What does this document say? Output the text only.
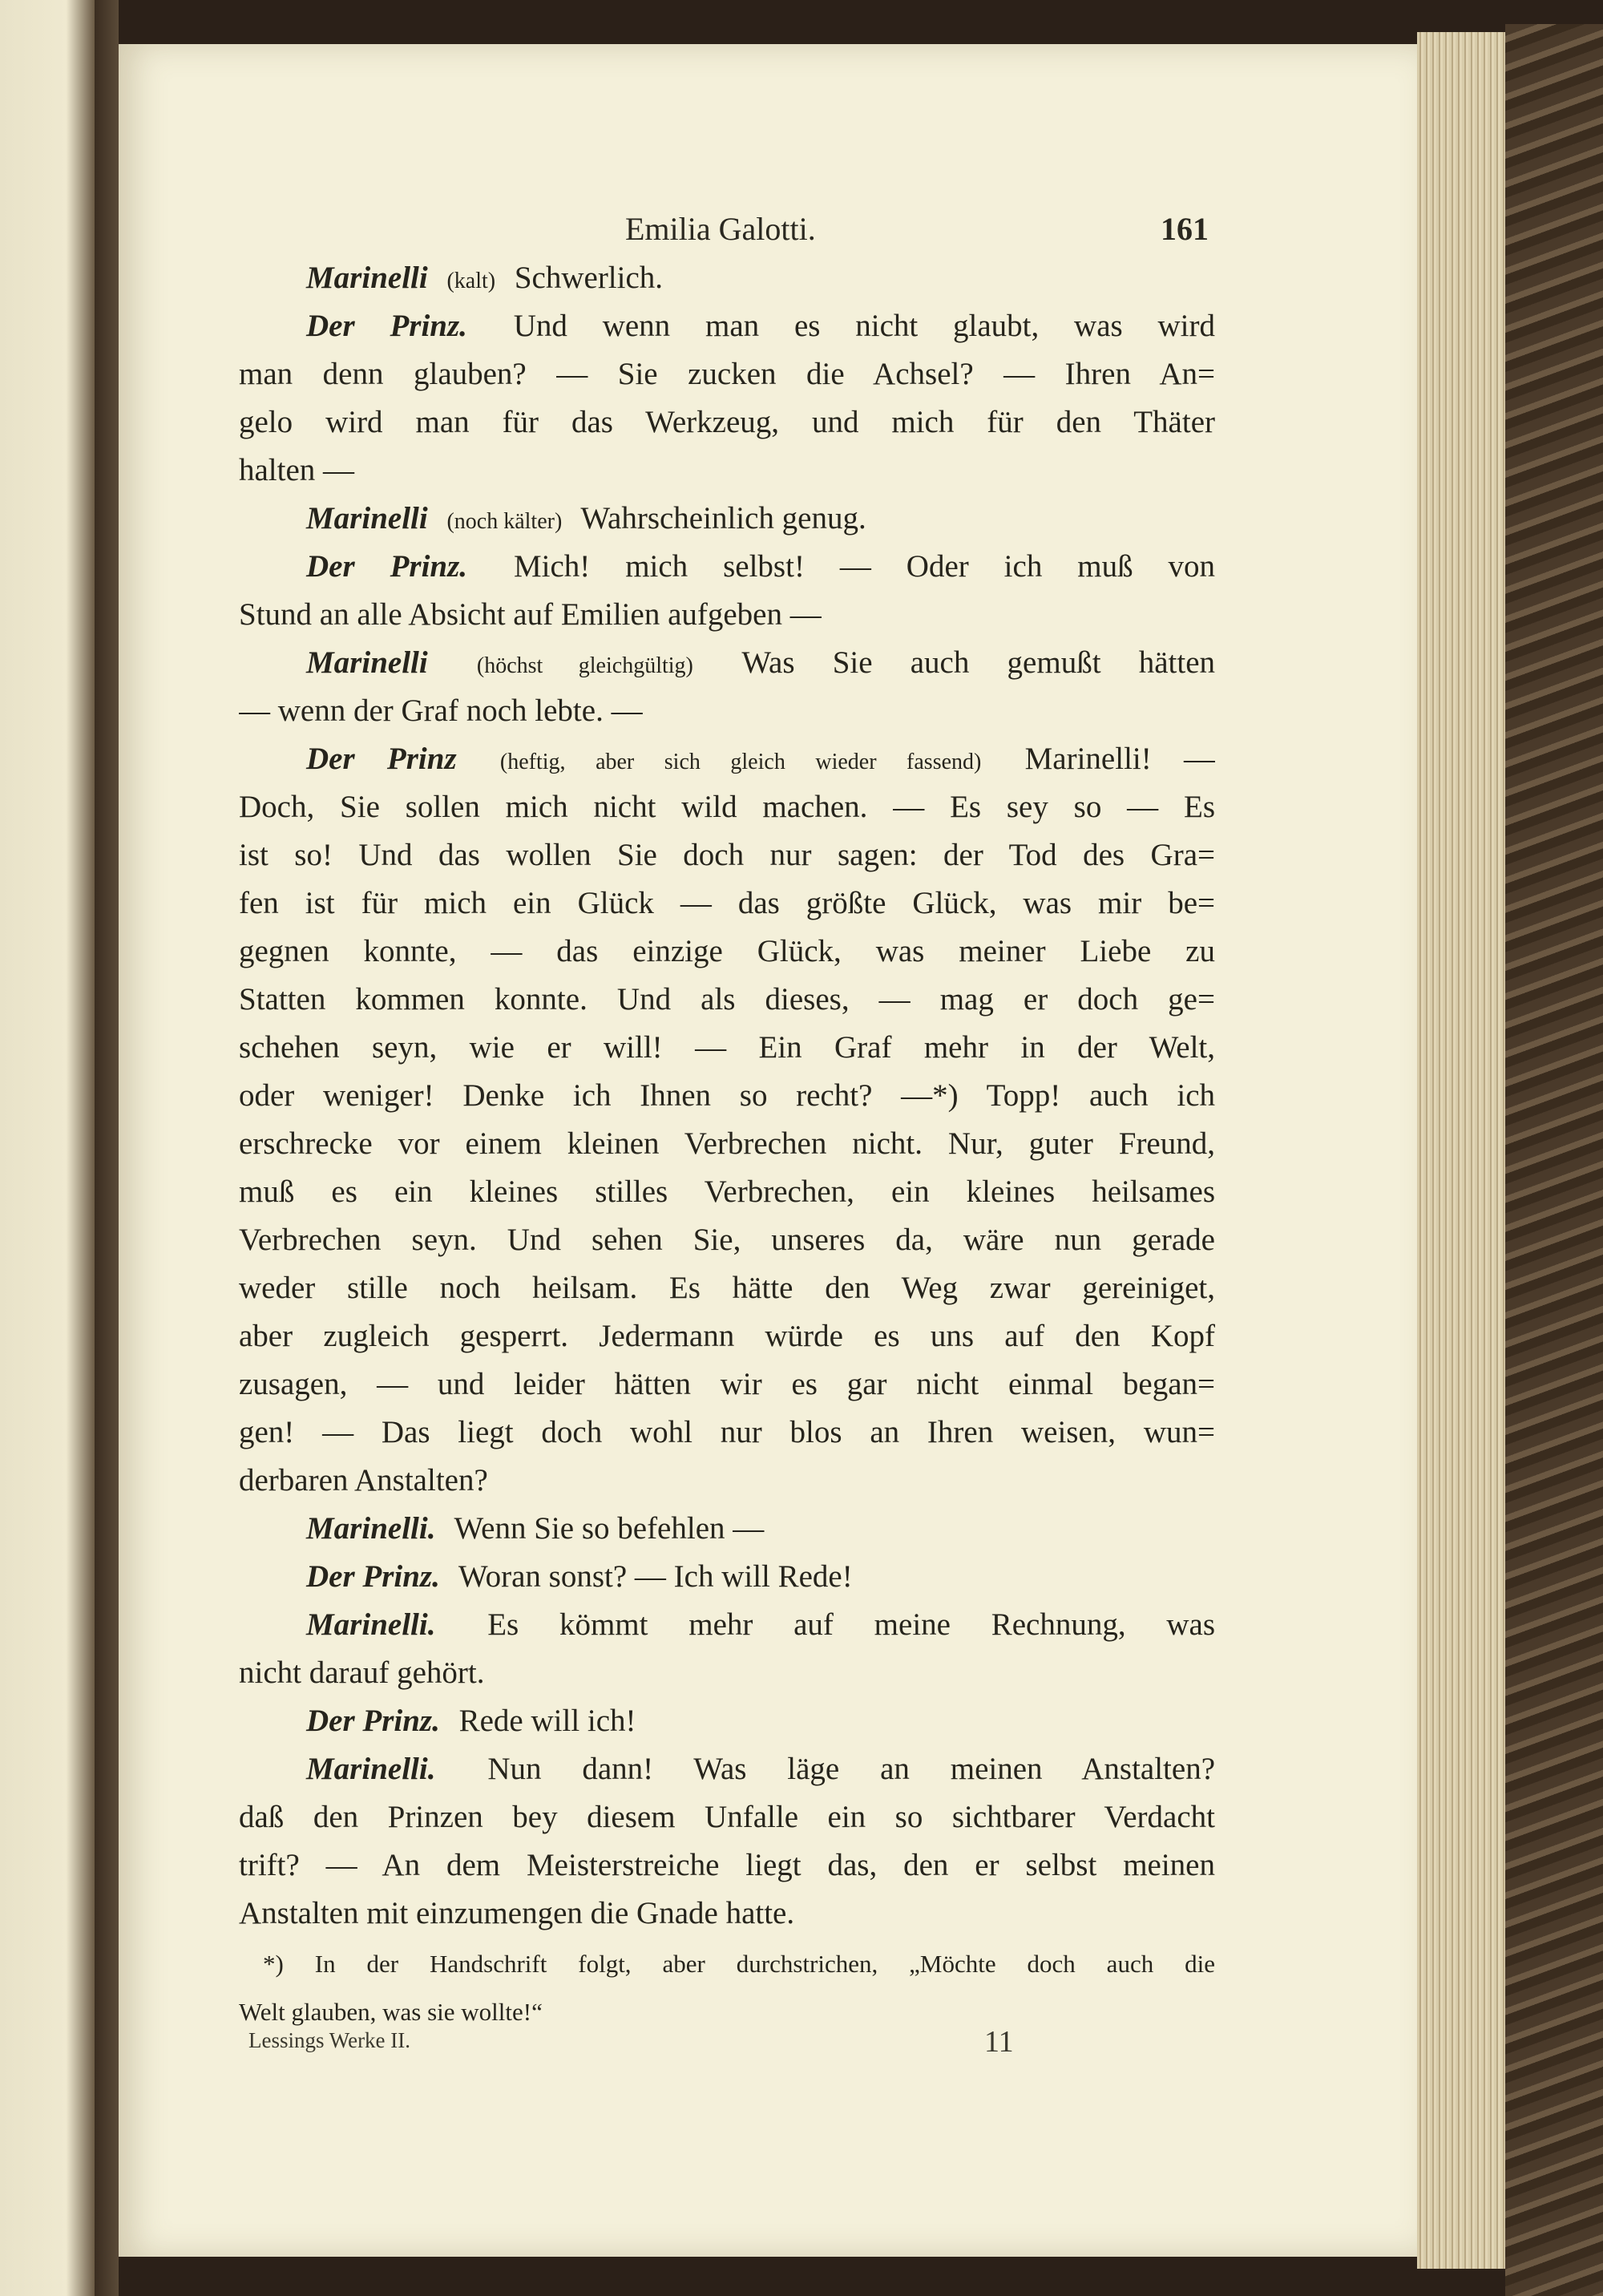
Emilia Galotti.	161
Marinelli (kalt) Schwerlich.
Der Prinz. Und wenn man es nicht glaubt, was wird
man denn glauben? — Sie zucken die Achsel? — Ihren An=
gelo wird man für das Werkzeug, und mich für den Thäter
halten —
Marinelli (noch kälter) Wahrscheinlich genug.
Der Prinz. Mich! mich selbst! — Oder ich muß von
Stund an alle Absicht auf Emilien aufgeben —
Marinelli (höchst gleichgültig) Was Sie auch gemußt hätten
— wenn der Graf noch lebte. —
Der Prinz (heftig, aber sich gleich wieder fassend) Marinelli! —
Doch, Sie sollen mich nicht wild machen. — Es sey so — Es
ist so! Und das wollen Sie doch nur sagen: der Tod des Gra=
fen ist für mich ein Glück — das größte Glück, was mir be=
gegnen konnte, — das einzige Glück, was meiner Liebe zu
Statten kommen konnte. Und als dieses, — mag er doch ge=
schehen seyn, wie er will! — Ein Graf mehr in der Welt,
oder weniger! Denke ich Ihnen so recht? —*) Topp! auch ich
erschrecke vor einem kleinen Verbrechen nicht. Nur, guter Freund,
muß es ein kleines stilles Verbrechen, ein kleines heilsames
Verbrechen seyn. Und sehen Sie, unseres da, wäre nun gerade
weder stille noch heilsam. Es hätte den Weg zwar gereiniget,
aber zugleich gesperrt. Jedermann würde es uns auf den Kopf
zusagen, — und leider hätten wir es gar nicht einmal began=
gen! — Das liegt doch wohl nur blos an Ihren weisen, wun=
derbaren Anstalten?
Marinelli. Wenn Sie so befehlen —
Der Prinz. Woran sonst? — Ich will Rede!
Marinelli. Es kömmt mehr auf meine Rechnung, was
nicht darauf gehört.
Der Prinz. Rede will ich!
Marinelli. Nun dann! Was läge an meinen Anstalten?
daß den Prinzen bey diesem Unfalle ein so sichtbarer Verdacht
trift? — An dem Meisterstreiche liegt das, den er selbst meinen
Anstalten mit einzumengen die Gnade hatte.
*) In der Handschrift folgt, aber durchstrichen, „Möchte doch auch die
Welt glauben, was sie wollte!“
Lessings Werke II.	11
